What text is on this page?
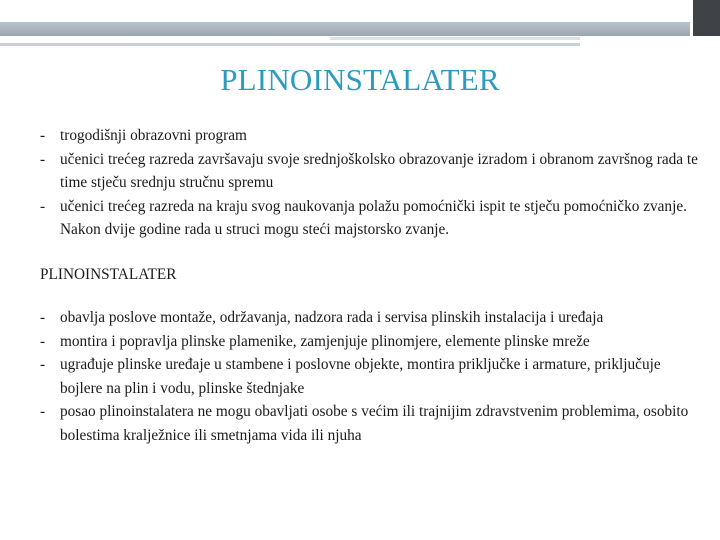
PLINOINSTALATER
- trogodišnji obrazovni program
- učenici trećeg razreda završavaju svoje srednjoškolsko obrazovanje izradom i obranom završnog rada te time stječu srednju stručnu spremu
- učenici trećeg razreda na kraju svog naukovanja polažu pomoćnički ispit te stječu pomoćničko zvanje. Nakon dvije godine rada u struci mogu steći majstorsko zvanje.
PLINOINSTALATER
- obavlja poslove montaže, održavanja, nadzora rada i servisa plinskih instalacija i uređaja
- montira i popravlja plinske plamenike, zamjenjuje plinomjere, elemente plinske mreže
- ugrađuje plinske uređaje u stambene i poslovne objekte, montira priključke i armature, priključuje bojlere na plin i vodu, plinske štednjake
- posao plinoinstalatera ne mogu obavljati osobe s većim ili trajnijim zdravstvenim problemima, osobito bolestima kralježnice ili smetnjama vida ili njuha
